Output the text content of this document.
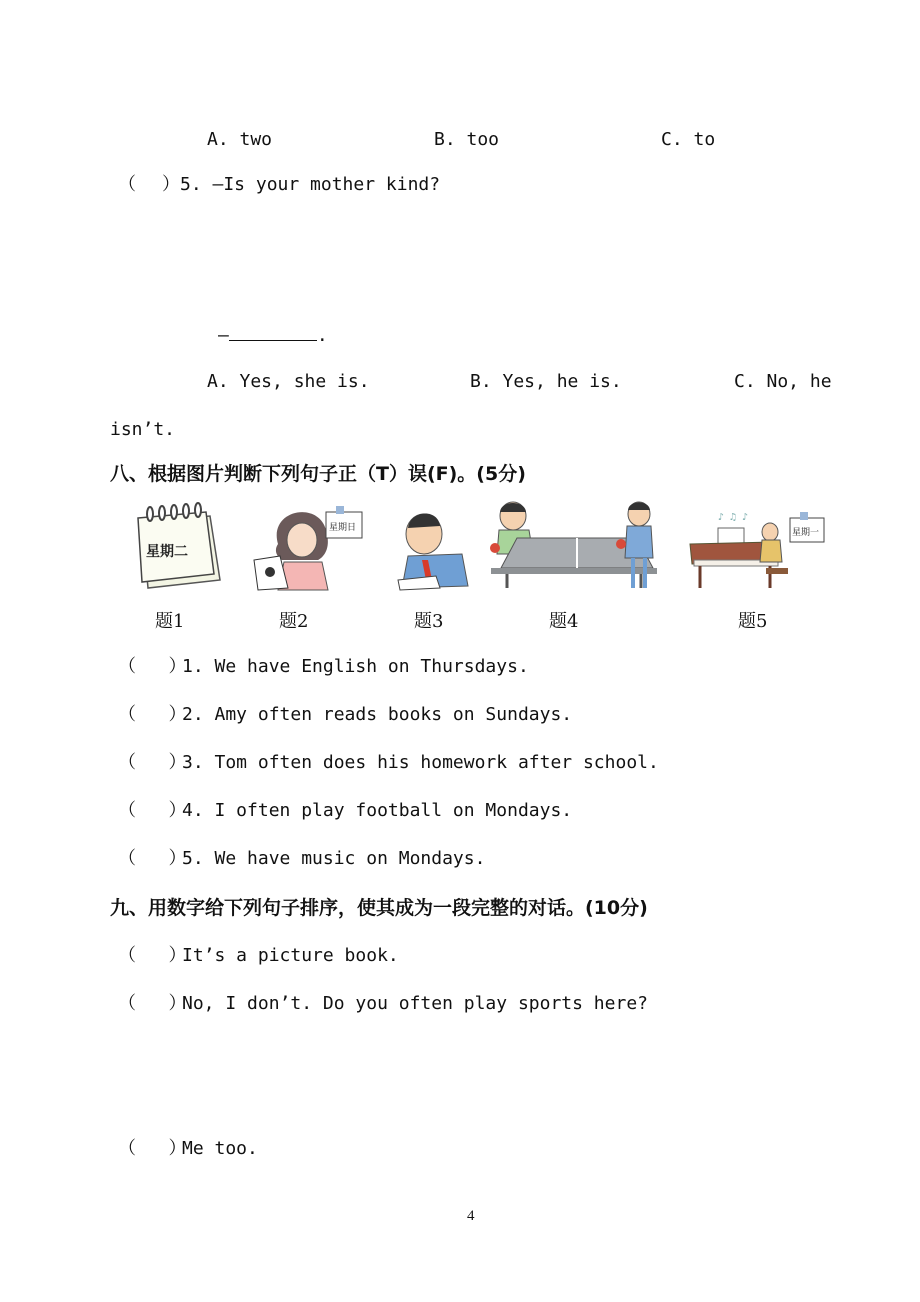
A. two	B. too	C. to
（ ）5. —Is your mother kind?
—	.
A. Yes, she is.	B. Yes, he is.	C. No, he
isn’t.
八、根据图片判断下列句子正（T）误(F)。(5分)
星期二
星期日
♪ ♫ ♪
星期一
题1	题2	题3	题4	题5
（   ）1. We have English on Thursdays.
（   ）2. Amy often reads books on Sundays.
（   ）3. Tom often does his homework after school.
（   ）4. I often play football on Mondays.
（   ）5. We have music on Mondays.
九、用数字给下列句子排序，使其成为一段完整的对话。(10分)
（   ）It’s a picture book.
（   ）No, I don’t. Do you often play sports here?
（   ）Me too.
4
